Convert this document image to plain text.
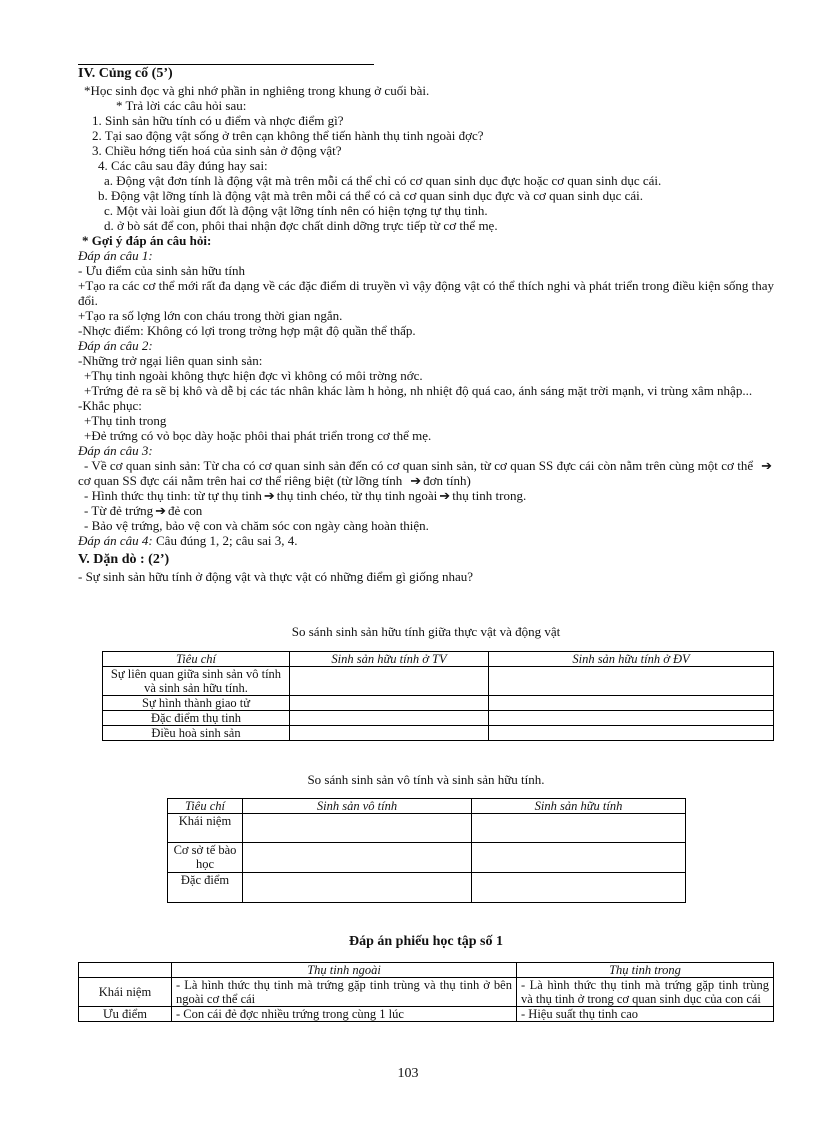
IV. Củng cố (5’)

*Học sinh đọc và ghi nhớ phần in nghiêng trong khung ở cuối bài.

* Trả lời các câu hỏi sau:

1. Sinh sản hữu tính có u điểm và nhợc điểm gì?

2. Tại sao động vật sống ở trên cạn không thể tiến hành thụ tinh ngoài đợc?

3. Chiều hớng tiến hoá của sinh sản ở động vật?

4. Các câu sau đây đúng hay sai:

a. Động vật đơn tính là động vật mà trên mỗi cá thể chỉ có cơ quan sinh dục đực hoặc cơ quan sinh dục cái.

b. Động vật lỡng tính là động vật mà trên mỗi cá thể có cả cơ quan sinh dục đực và cơ quan sinh dục cái.

c. Một vài loài giun đốt là động vật lỡng tính nên có hiện tợng tự thụ tinh.

d. ở bò sát để con, phôi thai nhận đợc chất dinh dỡng trực tiếp từ cơ thể mẹ.

* Gợi ý đáp án câu hỏi:

Đáp án câu 1:

- Ưu điểm của sinh sản hữu tính

+Tạo ra các cơ thể mới rất đa dạng về các đặc điểm di truyền vì vậy động vật có thể thích nghi và phát triển trong điều kiện sống thay đổi.

+Tạo ra số lợng lớn con cháu trong thời gian ngắn.

-Nhợc điểm: Không có lợi trong trờng hợp mật độ quần thể thấp.

Đáp án câu 2:

-Những trở ngại liên quan sinh sản:

+Thụ tinh ngoài không thực hiện đợc vì không có môi trờng nớc.

+Trứng đẻ ra sẽ bị khô và dễ bị các tác nhân khác làm h hỏng, nh nhiệt độ quá cao, ánh sáng mặt trời mạnh, vi trùng xâm nhập...

-Khắc phục:

+Thụ tinh trong

+Đẻ trứng có vỏ bọc dày hoặc phôi thai phát triển trong cơ thể mẹ.

Đáp án câu 3:

- Về cơ quan sinh sản: Từ cha có cơ quan sinh sản đến có cơ quan sinh sản, từ cơ quan SS đực cái còn nằm trên cùng một cơ thể ➔cơ quan SS đực cái nằm trên hai cơ thể riêng biệt (từ lỡng tính ➔ đơn tính)

- Hình thức thụ tinh: từ tự thụ tinh ➔ thụ tinh chéo, từ thụ tinh ngoài ➔ thụ tinh trong.

- Từ đẻ trứng ➔ đẻ con

- Bảo vệ trứng, bảo vệ con và chăm sóc con ngày càng hoàn thiện.

Đáp án câu 4: Câu đúng 1, 2; câu sai 3, 4.

V. Dặn dò : (2’)

- Sự sinh sản hữu tính ở động vật và thực vật có những điểm gì giống nhau?

So sánh sinh sản hữu tính giữa thực vật và động vật
Tiêu chí	Sinh sản hữu tính ở TV	Sinh sản hữu tính ở ĐV
Sự liên quan giữa sinh sản vô tính và sinh sản hữu tính.		
Sự hình thành giao tử		
Đặc điểm thụ tinh		
Điều hoà sinh sản		
So sánh sinh sản vô tính và sinh sản hữu tính.
Tiêu chí	Sinh sản vô tính	Sinh sản hữu tính
Khái niệm		
Cơ sở tế bào học		
Đặc điểm		
Đáp án phiếu học tập số 1
	Thụ tinh ngoài	Thụ tinh trong
Khái niệm	- Là hình thức thụ tinh mà trứng gặp tinh trùng và thụ tinh ở bên ngoài cơ thể cái	- Là hình thức thụ tinh mà trứng gặp tinh trùng và thụ tinh ở trong cơ quan sinh dục của con cái
Ưu điểm	- Con cái đẻ đợc nhiều trứng trong cùng 1 lúc	- Hiệu suất thụ tinh cao
103
